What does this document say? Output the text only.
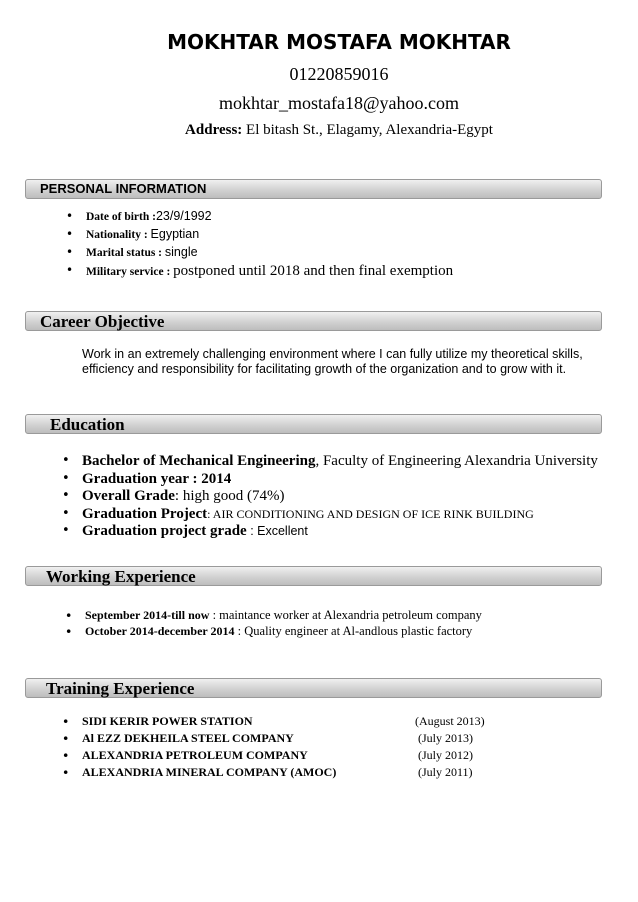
MOKHTAR MOSTAFA MOKHTAR
01220859016
mokhtar_mostafa18@yahoo.com
Address: El bitash St., Elagamy, Alexandria-Egypt
PERSONAL INFORMATION
• Date of birth :23/9/1992
• Nationality : Egyptian
• Marital status : single
• Military service : postponed until 2018 and then final exemption
Career Objective
Work in an extremely challenging environment where I can fully utilize my theoretical skills, efficiency and responsibility for facilitating growth of the organization and to grow with it.
Education
• Bachelor of Mechanical Engineering, Faculty of Engineering Alexandria University
• Graduation year : 2014
• Overall Grade: high good (74%)
• Graduation Project: AIR CONDITIONING AND DESIGN OF ICE RINK BUILDING
• Graduation project grade : Excellent
Working Experience
• September 2014-till now : maintance worker at Alexandria petroleum company
• October 2014-december 2014 : Quality engineer at Al-andlous plastic factory
Training Experience
• SIDI KERIR POWER STATION	(August 2013)
• Al EZZ DEKHEILA STEEL COMPANY	(July 2013)
• ALEXANDRIA PETROLEUM COMPANY	(July 2012)
• ALEXANDRIA MINERAL COMPANY (AMOC)	(July 2011)
